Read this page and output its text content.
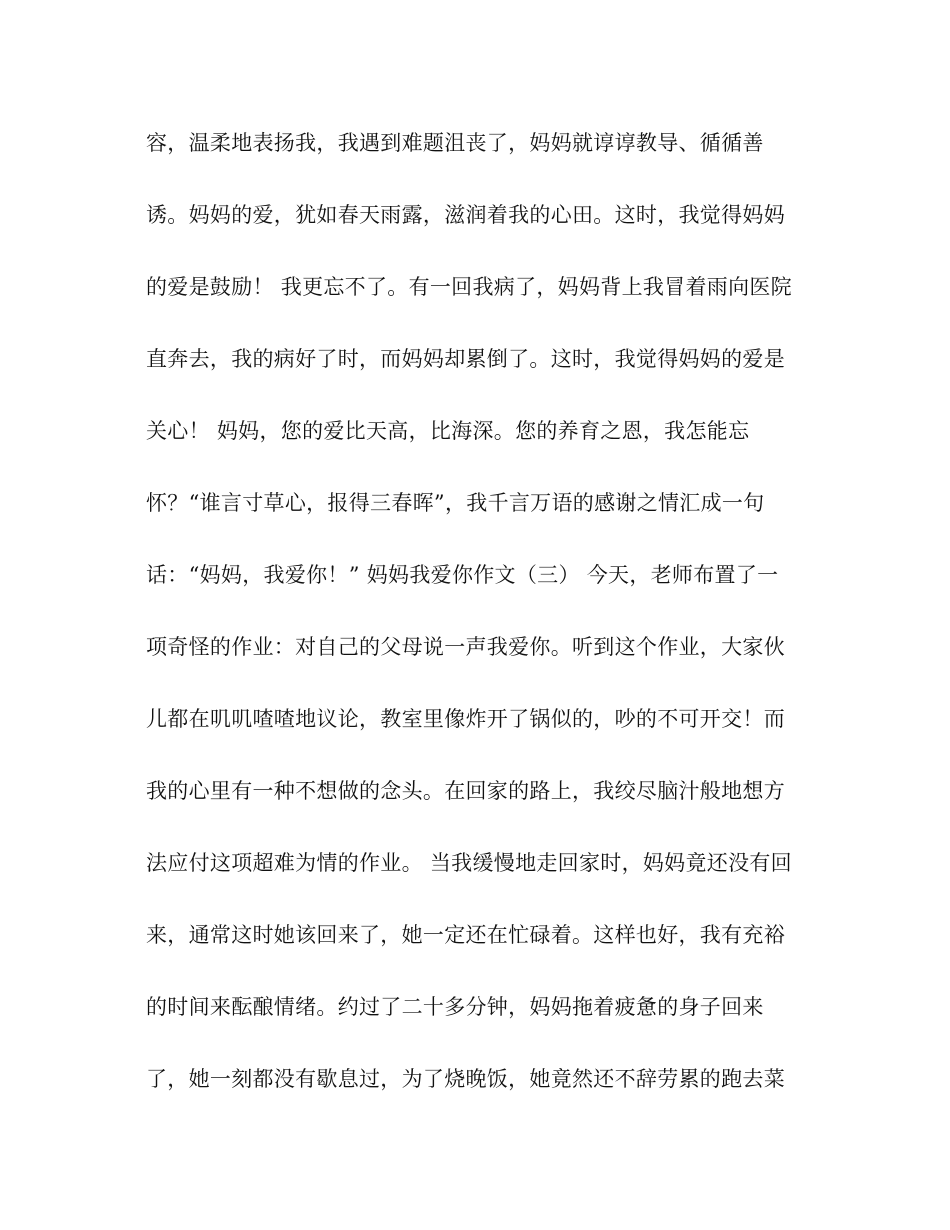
容，温柔地表扬我，我遇到难题沮丧了，妈妈就谆谆教导、循循善
诱。妈妈的爱，犹如春天雨露，滋润着我的心田。这时，我觉得妈妈
的爱是鼓励！ 我更忘不了。有一回我病了，妈妈背上我冒着雨向医院
直奔去，我的病好了时，而妈妈却累倒了。这时，我觉得妈妈的爱是
关心！ 妈妈，您的爱比天高，比海深。您的养育之恩，我怎能忘
怀？“谁言寸草心，报得三春晖”，我千言万语的感谢之情汇成一句
话：“妈妈，我爱你！” 妈妈我爱你作文（三） 今天，老师布置了一
项奇怪的作业：对自己的父母说一声我爱你。听到这个作业，大家伙
儿都在叽叽喳喳地议论，教室里像炸开了锅似的，吵的不可开交！而
我的心里有一种不想做的念头。在回家的路上，我绞尽脑汁般地想方
法应付这项超难为情的作业。 当我缓慢地走回家时，妈妈竟还没有回
来，通常这时她该回来了，她一定还在忙碌着。这样也好，我有充裕
的时间来酝酿情绪。约过了二十多分钟，妈妈拖着疲惫的身子回来
了，她一刻都没有歇息过，为了烧晚饭，她竟然还不辞劳累的跑去菜
